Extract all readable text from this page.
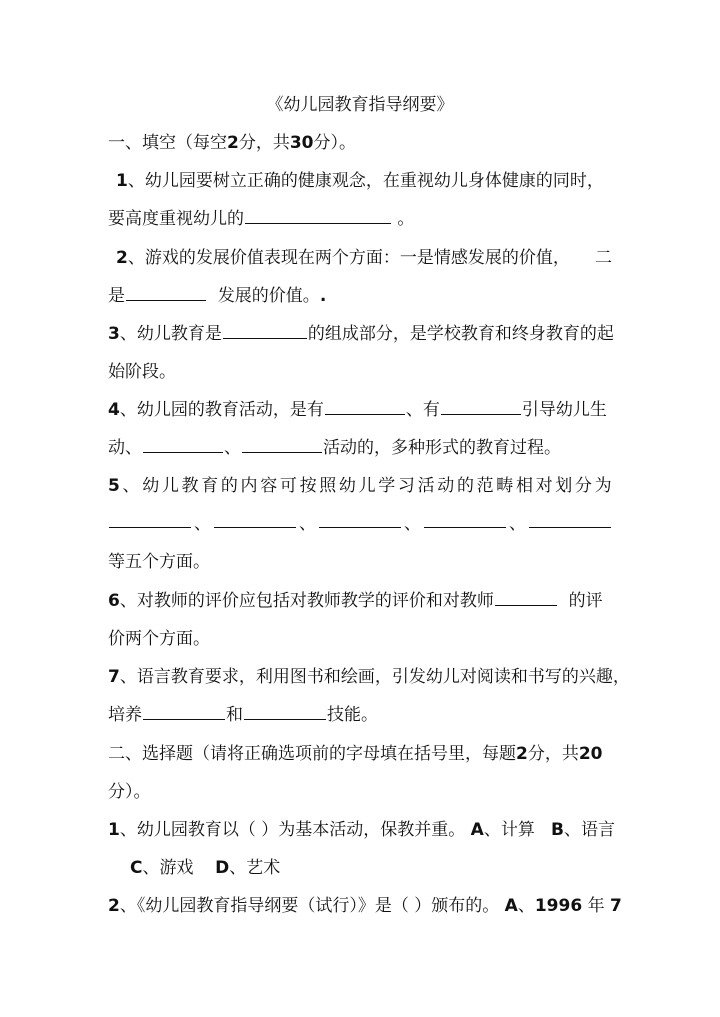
《幼儿园教育指导纲要》
一、填空（每空2分，共30分）。
1、幼儿园要树立正确的健康观念，在重视幼儿身体健康的同时，
要高度重视幼儿的	。
2、游戏的发展价值表现在两个方面：一是情感发展的价值， 二
是	发展的价值。.
3、幼儿教育是	的组成部分，是学校教育和终身教育的起
始阶段。
4、幼儿园的教育活动，是有	、有	引导幼儿生
动、	、	活动的，多种形式的教育过程。
5 、 幼 儿 教 育 的 内 容 可 按 照 幼 儿 学 习 活 动 的 范 畴 相 对 划 分 为
、	、	、	、
等五个方面。
6、对教师的评价应包括对教师教学的评价和对教师	的评
价两个方面。
7、语言教育要求，利用图书和绘画，引发幼儿对阅读和书写的兴趣，
培养	和	技能。
二、选择题（请将正确选项前的字母填在括号里，每题2分，共20
分）。
1、幼儿园教育以（ ）为基本活动，保教并重。 A、计算 B、语言
C、游戏 D、艺术
2、《幼儿园教育指导纲要（试行）》是（ ）颁布的。 A、1996 年 7
